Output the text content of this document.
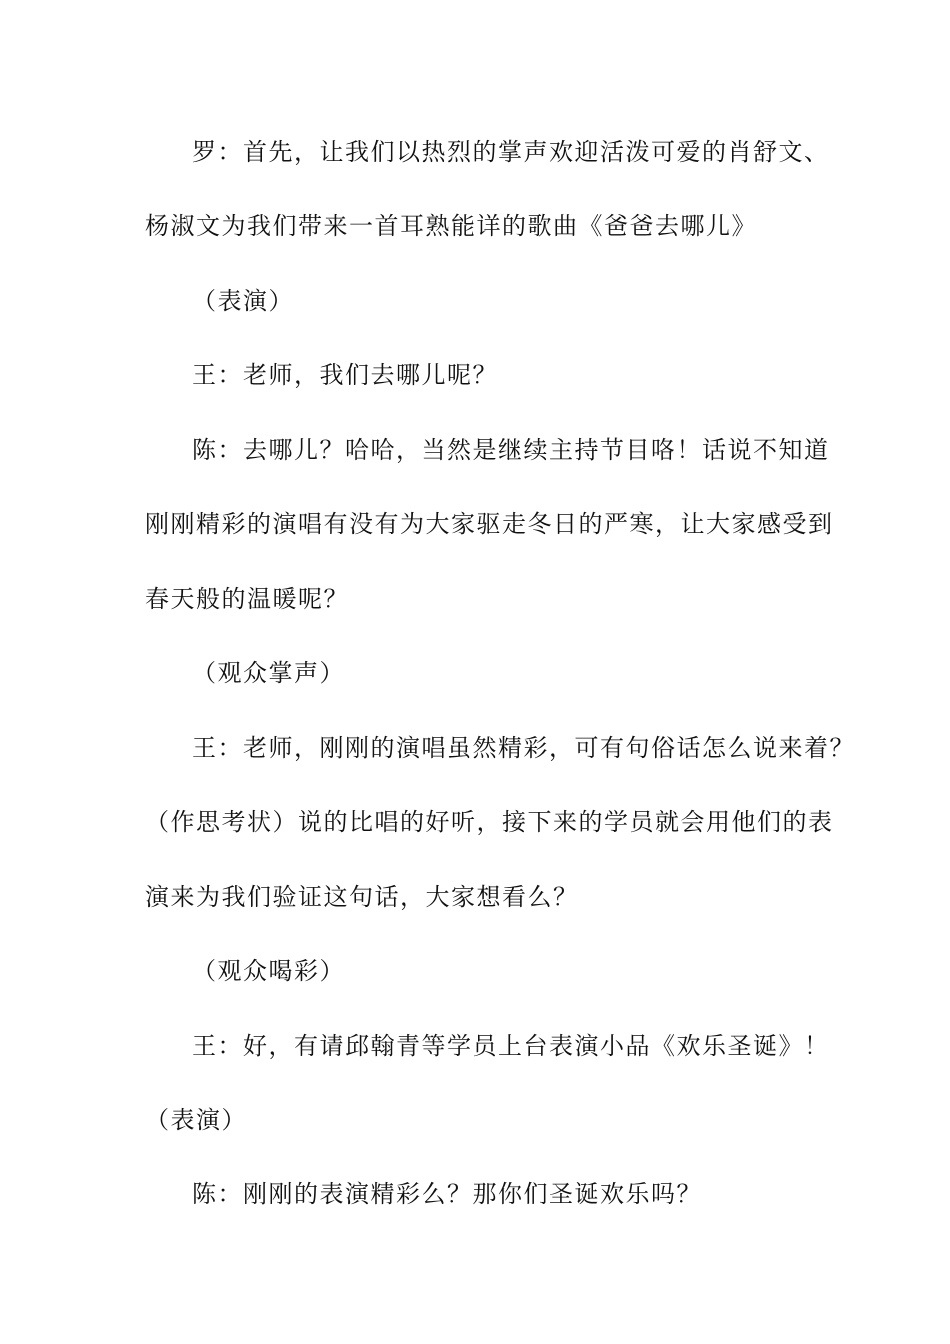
罗：首先，让我们以热烈的掌声欢迎活泼可爱的肖舒文、
杨淑文为我们带来一首耳熟能详的歌曲《爸爸去哪儿》
（表演）
王：老师，我们去哪儿呢？
陈：去哪儿？哈哈，当然是继续主持节目咯！话说不知道
刚刚精彩的演唱有没有为大家驱走冬日的严寒，让大家感受到
春天般的温暖呢？
（观众掌声）
王：老师，刚刚的演唱虽然精彩，可有句俗话怎么说来着？
（作思考状）说的比唱的好听，接下来的学员就会用他们的表
演来为我们验证这句话，大家想看么？
（观众喝彩）
王：好，有请邱翰青等学员上台表演小品《欢乐圣诞》！
（表演）
陈：刚刚的表演精彩么？那你们圣诞欢乐吗？
